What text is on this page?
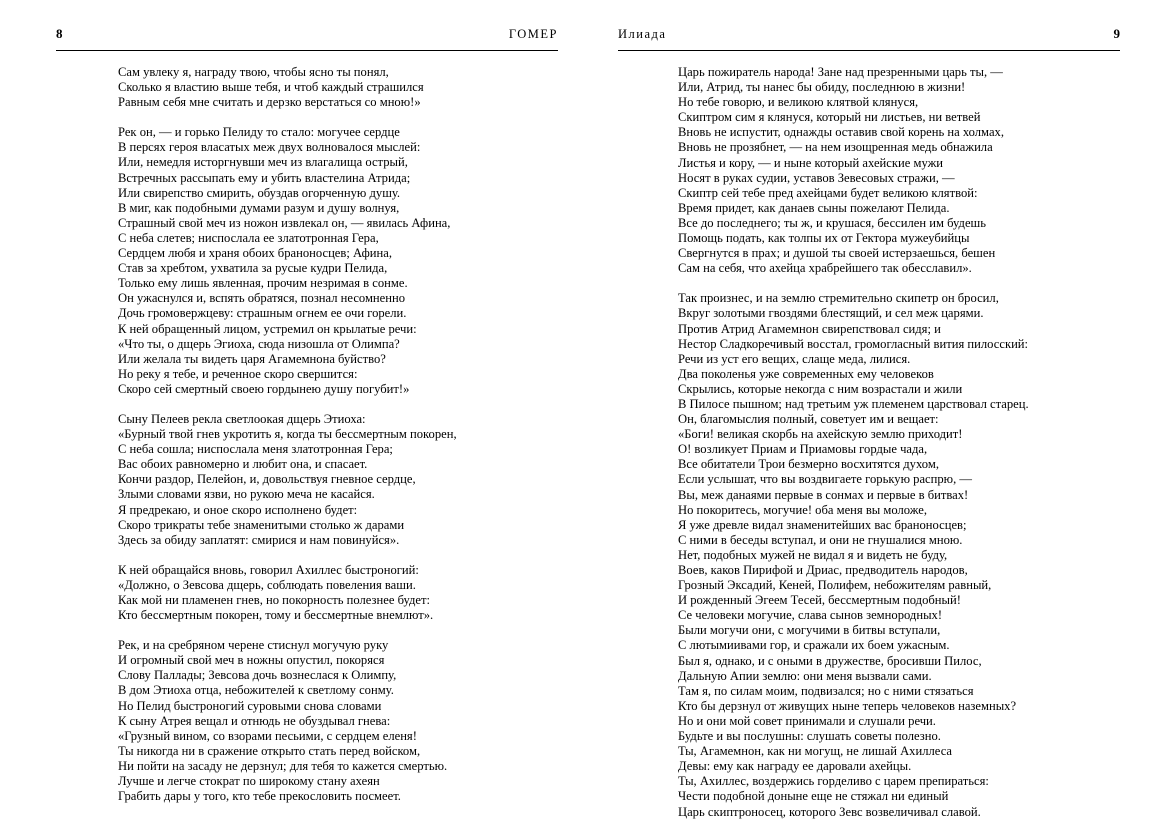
8	ГОМЕР
Сам увлеку я, награду твою, чтобы ясно ты понял,
Сколько я властию выше тебя, и чтоб каждый страшился
Равным себя мне считать и дерзко верстаться со мною!»
Рек он, — и горько Пелиду то стало: могучее сердце
В персях героя власатых меж двух волновалося мыслей:
Или, немедля исторгнувши меч из влагалища острый,
Встречных рассыпать ему и убить властелина Атрида;
Или свирепство смирить, обуздав огорченную душу.
В миг, как подобными думами разум и душу волнуя,
Страшный свой меч из ножон извлекал он, — явилась Афина,
С неба слетев; ниспослала ее златотронная Гера,
Сердцем любя и храня обоих браноносцев; Афина,
Став за хребтом, ухватила за русые кудри Пелида,
Только ему лишь явленная, прочим незримая в сонме.
Он ужаснулся и, вспять обратяся, познал несомненно
Дочь громовержцеву: страшным огнем ее очи горели.
К ней обращенный лицом, устремил он крылатые речи:
«Что ты, о дщерь Эгиоха, сюда низошла от Олимпа?
Или желала ты видеть царя Агамемнона буйство?
Но реку я тебе, и реченное скоро свершится:
Скоро сей смертный своею гордынею душу погубит!»
Сыну Пелеев рекла светлоокая дщерь Этиоха:
«Бурный твой гнев укротить я, когда ты бессмертным покорен,
С неба сошла; ниспослала меня златотронная Гера;
Вас обоих равномерно и любит она, и спасает.
Кончи раздор, Пелейон, и, довольствуя гневное сердце,
Злыми словами язви, но рукою меча не касайся.
Я предрекаю, и оное скоро исполнено будет:
Скоро трикраты тебе знаменитыми столько ж дарами
Здесь за обиду заплатят: смирися и нам повинуйся».
К ней обращайся вновь, говорил Ахиллес быстроногий:
«Должно, о Зевсова дщерь, соблюдать повеления ваши.
Как мой ни пламенен гнев, но покорность полезнее будет:
Кто бессмертным покорен, тому и бессмертные внемлют».
Рек, и на сребряном черене стиснул могучую руку
И огромный свой меч в ножны опустил, покоряся
Слову Паллады; Зевсова дочь вознеслася к Олимпу,
В дом Этиоха отца, небожителей к светлому сонму.
Но Пелид быстроногий суровыми снова словами
К сыну Атрея вещал и отнюдь не обуздывал гнева:
«Грузный вином, со взорами песьими, с сердцем еленя!
Ты никогда ни в сражение открыто стать перед войском,
Ни пойти на засаду не дерзнул; для тебя то кажется смертью.
Лучше и легче стократ по широкому стану ахеян
Грабить дары у того, кто тебе прекословить посмеет.
Илиада	9
Царь пожиратель народа! Зане над презренными царь ты, —
Или, Атрид, ты нанес бы обиду, последнюю в жизни!
Но тебе говорю, и великою клятвой клянуся,
Скиптром сим я клянуся, который ни листьев, ни ветвей
Вновь не испустит, однажды оставив свой корень на холмах,
Вновь не прозябнет, — на нем изощренная медь обнажила
Листья и кору, — и ныне который ахейские мужи
Носят в руках судии, уставов Зевесовых стражи, —
Скиптр сей тебе пред ахейцами будет великою клятвой:
Время придет, как данаев сыны пожелают Пелида.
Все до последнего; ты ж, и крушася, бессилен им будешь
Помощь подать, как толпы их от Гектора мужеубийцы
Свергнутся в прах; и душой ты своей истерзаешься, бешен
Сам на себя, что ахейца храбрейшего так обесславил».
Так произнес, и на землю стремительно скипетр он бросил,
Вкруг золотыми гвоздями блестящий, и сел меж царями.
Против Атрид Агамемнон свирепствовал сидя; и
Нестор Сладкоречивый восстал, громогласный вития пилосский:
Речи из уст его вещих, слаще меда, лилися.
Два поколенья уже современных ему человеков
Скрылись, которые некогда с ним возрастали и жили
В Пилосе пышном; над третьим уж племенем царствовал старец.
Он, благомыслия полный, советует им и вещает:
«Боги! великая скорбь на ахейскую землю приходит!
О! возликует Приам и Приамовы гордые чада,
Все обитатели Трои безмерно восхитятся духом,
Если услышат, что вы воздвигаете горькую распрю, —
Вы, меж данаями первые в сонмах и первые в битвах!
Но покоритесь, могучие! оба меня вы моложе,
Я уже древле видал знаменитейших вас браноносцев;
С ними в беседы вступал, и они не гнушалися мною.
Нет, подобных мужей не видал я и видеть не буду,
Воев, каков Пирифой и Дриас, предводитель народов,
Грозный Эксадий, Кеней, Полифем, небожителям равный,
И рожденный Эгеем Тесей, бессмертным подобный!
Се человеки могучие, слава сынов земнородных!
Были могучи они, с могучими в битвы вступали,
С лютымиивами гор, и сражали их боем ужасным.
Был я, однако, и с оными в дружестве, бросивши Пилос,
Дальную Апии землю: они меня вызвали сами.
Там я, по силам моим, подвизался; но с ними стязаться
Кто бы дерзнул от живущих ныне теперь человеков наземных?
Но и они мой совет принимали и слушали речи.
Будьте и вы послушны: слушать советы полезно.
Ты, Агамемнон, как ни могущ, не лишай Ахиллеса
Девы: ему как награду ее даровали ахейцы.
Ты, Ахиллес, воздержись горделиво с царем препираться:
Чести подобной доныне еще не стяжал ни единый
Царь скиптроносец, которого Зевс возвеличивал славой.
